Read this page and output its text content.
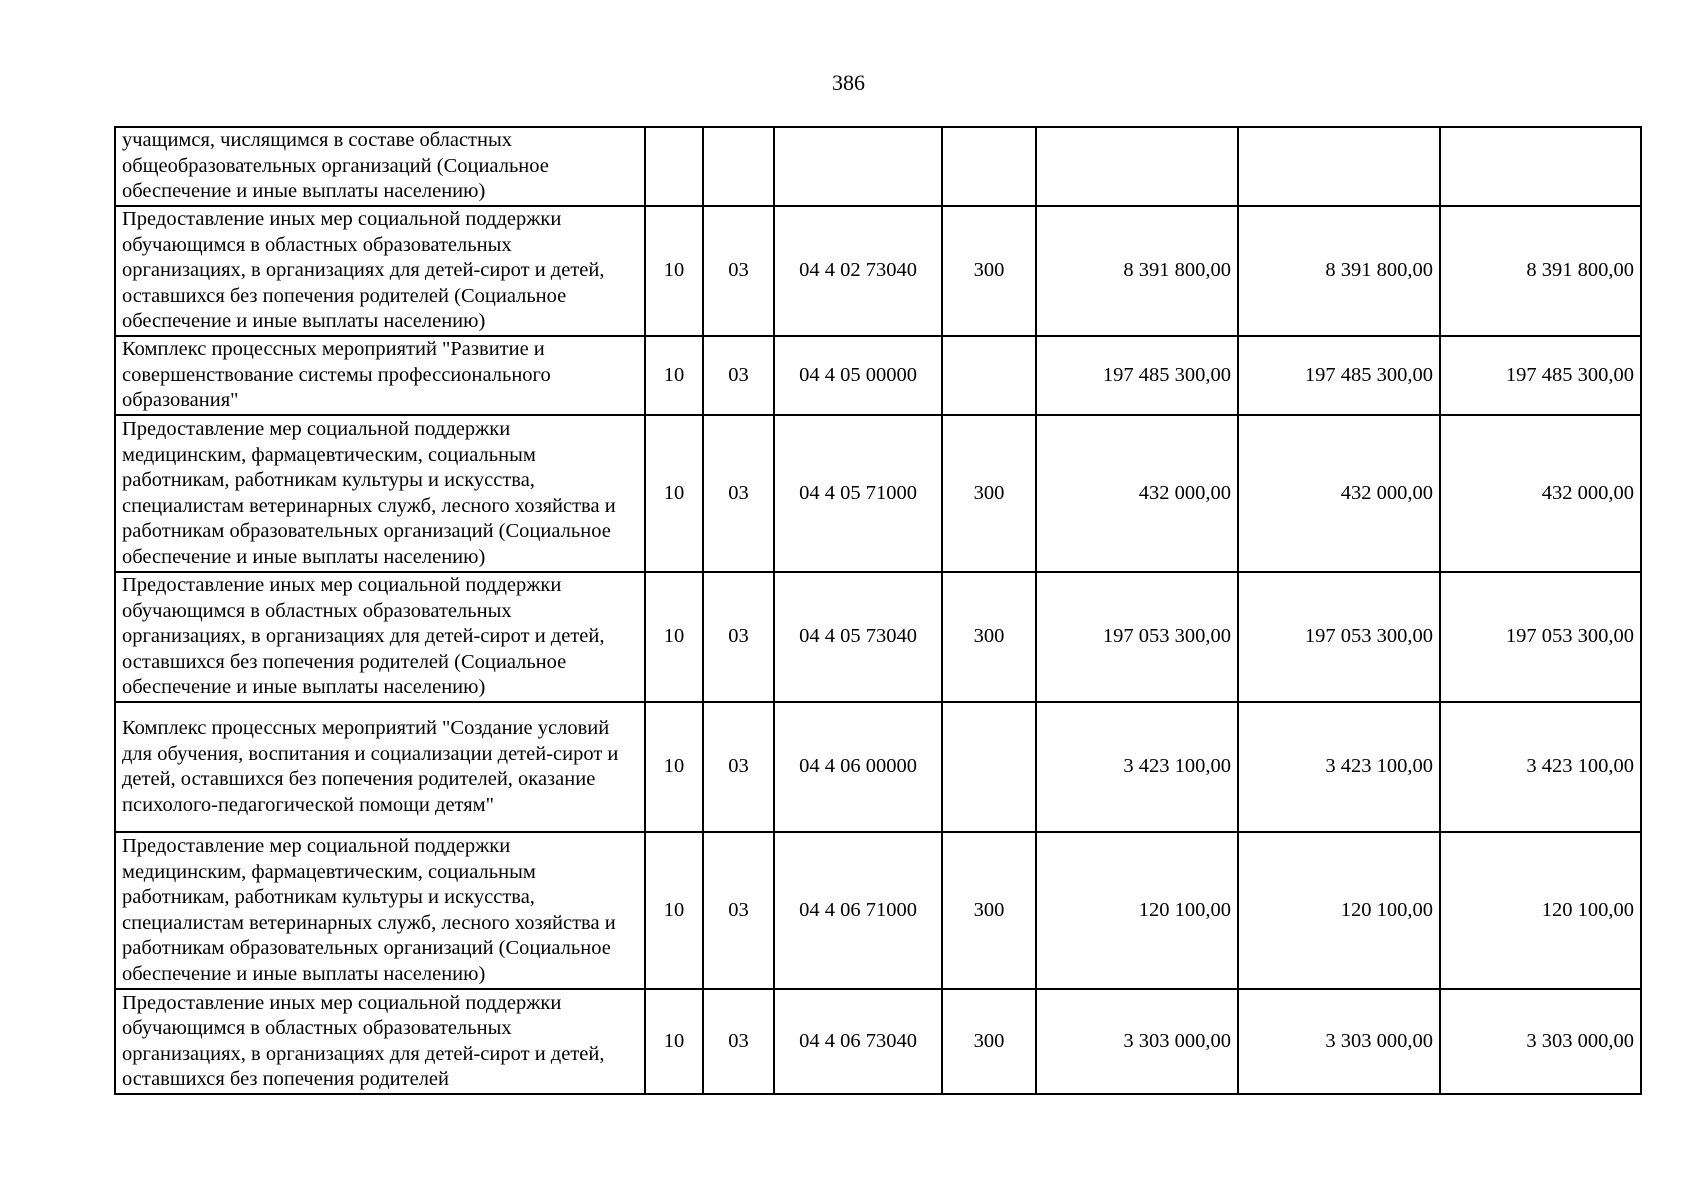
386
учащимся, числящимся в составе областных общеобразовательных организаций (Социальное обеспечение и иные выплаты населению)							
Предоставление иных мер социальной поддержки обучающимся в областных образовательных организациях, в организациях для детей-сирот и детей, оставшихся без попечения родителей (Социальное обеспечение и иные выплаты населению)	10	03	04 4 02 73040	300	8 391 800,00	8 391 800,00	8 391 800,00
Комплекс процессных мероприятий "Развитие и совершенствование системы профессионального образования"	10	03	04 4 05 00000		197 485 300,00	197 485 300,00	197 485 300,00
Предоставление мер социальной поддержки медицинским, фармацевтическим, социальным работникам, работникам культуры и искусства, специалистам ветеринарных служб, лесного хозяйства и работникам образовательных организаций (Социальное обеспечение и иные выплаты населению)	10	03	04 4 05 71000	300	432 000,00	432 000,00	432 000,00
Предоставление иных мер социальной поддержки обучающимся в областных образовательных организациях, в организациях для детей-сирот и детей, оставшихся без попечения родителей (Социальное обеспечение и иные выплаты населению)	10	03	04 4 05 73040	300	197 053 300,00	197 053 300,00	197 053 300,00
Комплекс процессных мероприятий "Создание условий для обучения, воспитания и социализации детей-сирот и детей, оставшихся без попечения родителей, оказание психолого-педагогической помощи детям"	10	03	04 4 06 00000		3 423 100,00	3 423 100,00	3 423 100,00
Предоставление мер социальной поддержки медицинским, фармацевтическим, социальным работникам, работникам культуры и искусства, специалистам ветеринарных служб, лесного хозяйства и работникам образовательных организаций (Социальное обеспечение и иные выплаты населению)	10	03	04 4 06 71000	300	120 100,00	120 100,00	120 100,00
Предоставление иных мер социальной поддержки обучающимся в областных образовательных организациях, в организациях для детей-сирот и детей, оставшихся без попечения родителей	10	03	04 4 06 73040	300	3 303 000,00	3 303 000,00	3 303 000,00
